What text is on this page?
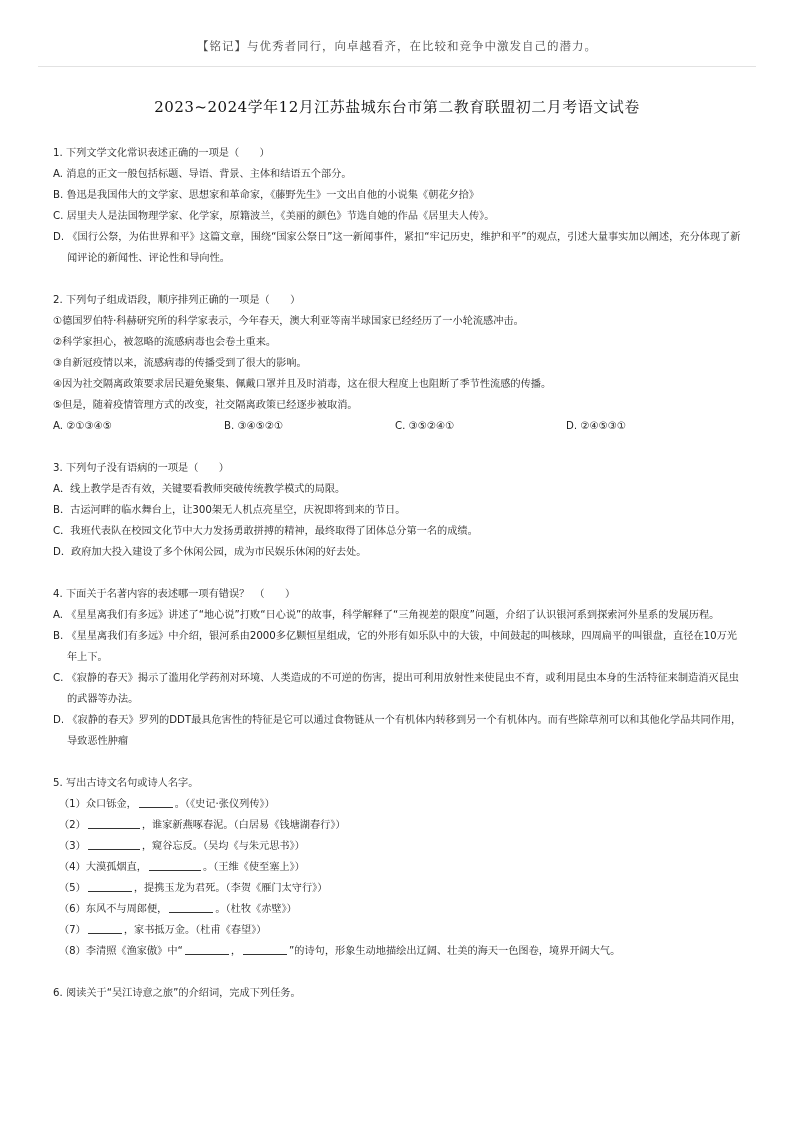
【铭记】与优秀者同行，向卓越看齐，在比较和竞争中激发自己的潜力。
2023~2024学年12月江苏盐城东台市第二教育联盟初二月考语文试卷

1. 下列文学文化常识表述正确的一项是（　　）

A. 消息的正文一般包括标题、导语、背景、主体和结语五个部分。

B. 鲁迅是我国伟大的文学家、思想家和革命家，《藤野先生》一文出自他的小说集《朝花夕拾》

C. 居里夫人是法国物理学家、化学家，原籍波兰，《美丽的颜色》节选自她的作品《居里夫人传》。

D. 《国行公祭，为佑世界和平》这篇文章，围绕“国家公祭日”这一新闻事件，紧扣“牢记历史，维护和平”的观点，引述大量事实加以阐述，充分体现了新闻评论的新闻性、评论性和导向性。

2. 下列句子组成语段，顺序排列正确的一项是（　　）

①德国罗伯特·科赫研究所的科学家表示，今年春天，澳大利亚等南半球国家已经经历了一小轮流感冲击。

②科学家担心，被忽略的流感病毒也会卷土重来。

③自新冠疫情以来，流感病毒的传播受到了很大的影响。

④因为社交隔离政策要求居民避免聚集、佩戴口罩并且及时消毒，这在很大程度上也阻断了季节性流感的传播。

⑤但是，随着疫情管理方式的改变，社交隔离政策已经逐步被取消。

A. ②①③④⑤	B. ③④⑤②①	C. ③⑤②④①	D. ②④⑤③①

3. 下列句子没有语病的一项是（　　）

A．线上教学是否有效，关键要看教师突破传统教学模式的局限。

B．古运河畔的临水舞台上，让300架无人机点亮星空，庆祝即将到来的节日。

C．我班代表队在校园文化节中大力发扬勇敢拼搏的精神，最终取得了团体总分第一名的成绩。

D．政府加大投入建设了多个休闲公园，成为市民娱乐休闲的好去处。

4. 下面关于名著内容的表述哪一项有错误？　（　　）

A. 《星星离我们有多远》讲述了“地心说”打败“日心说”的故事，科学解释了“三角视差的限度”问题，介绍了认识银河系到探索河外星系的发展历程。

B. 《星星离我们有多远》中介绍，银河系由2000多亿颗恒星组成，它的外形有如乐队中的大钹，中间鼓起的叫核球，四周扁平的叫银盘，直径在10万光年上下。

C. 《寂静的春天》揭示了滥用化学药剂对环境、人类造成的不可逆的伤害，提出可利用放射性来使昆虫不育，或利用昆虫本身的生活特征来制造消灭昆虫的武器等办法。

D. 《寂静的春天》罗列的DDT最具危害性的特征是它可以通过食物链从一个有机体内转移到另一个有机体内。而有些除草剂可以和其他化学品共同作用，导致恶性肿瘤

5. 写出古诗文名句或诗人名字。

（1）众口铄金，	。（《史记·张仪列传》）

（2）	，谁家新燕啄春泥。（白居易《钱塘湖春行》）

（3）	，窥谷忘反。（吴均《与朱元思书》）

（4）大漠孤烟直，	。（王维《使至塞上》）

（5）	，提携玉龙为君死。（李贺《雁门太守行》）

（6）东风不与周郎便，	。（杜牧《赤壁》）

（7）	，家书抵万金。（杜甫《春望》）

（8）李清照《渔家傲》中“	，	”的诗句，形象生动地描绘出辽阔、壮美的海天一色图卷，境界开阔大气。

6. 阅读关于“吴江诗意之旅”的介绍词，完成下列任务。
